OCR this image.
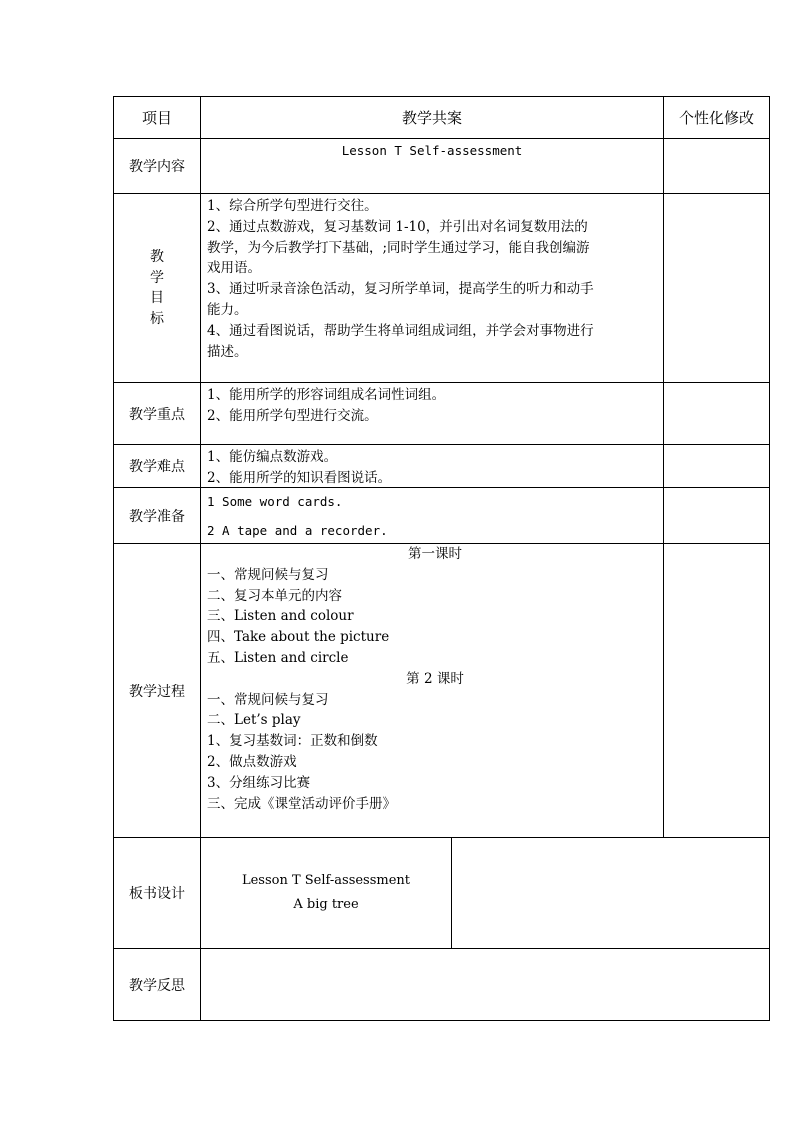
项目	教学共案	个性化修改
教学内容
Lesson T Self-assessment
教
学
目
标
1、综合所学句型进行交往。
2、通过点数游戏，复习基数词 1-10，并引出对名词复数用法的
教学，为今后教学打下基础，;同时学生通过学习，能自我创编游
戏用语。
3、通过听录音涂色活动，复习所学单词，提高学生的听力和动手
能力。
4、通过看图说话，帮助学生将单词组成词组，并学会对事物进行
描述。
教学重点
1、能用所学的形容词组成名词性词组。
2、能用所学句型进行交流。
教学难点
1、能仿编点数游戏。
2、能用所学的知识看图说话。
教学准备
1 Some word cards.
2 A tape and a recorder.
教学过程
第一课时
一、常规问候与复习
二、复习本单元的内容
三、Listen and colour
四、Take about the picture
五、Listen and circle
第 2 课时
一、常规问候与复习
二、Let’s play
1、复习基数词：正数和倒数
2、做点数游戏
3、分组练习比赛
三、完成《课堂活动评价手册》
板书设计
Lesson T Self-assessment
A big tree
教学反思
